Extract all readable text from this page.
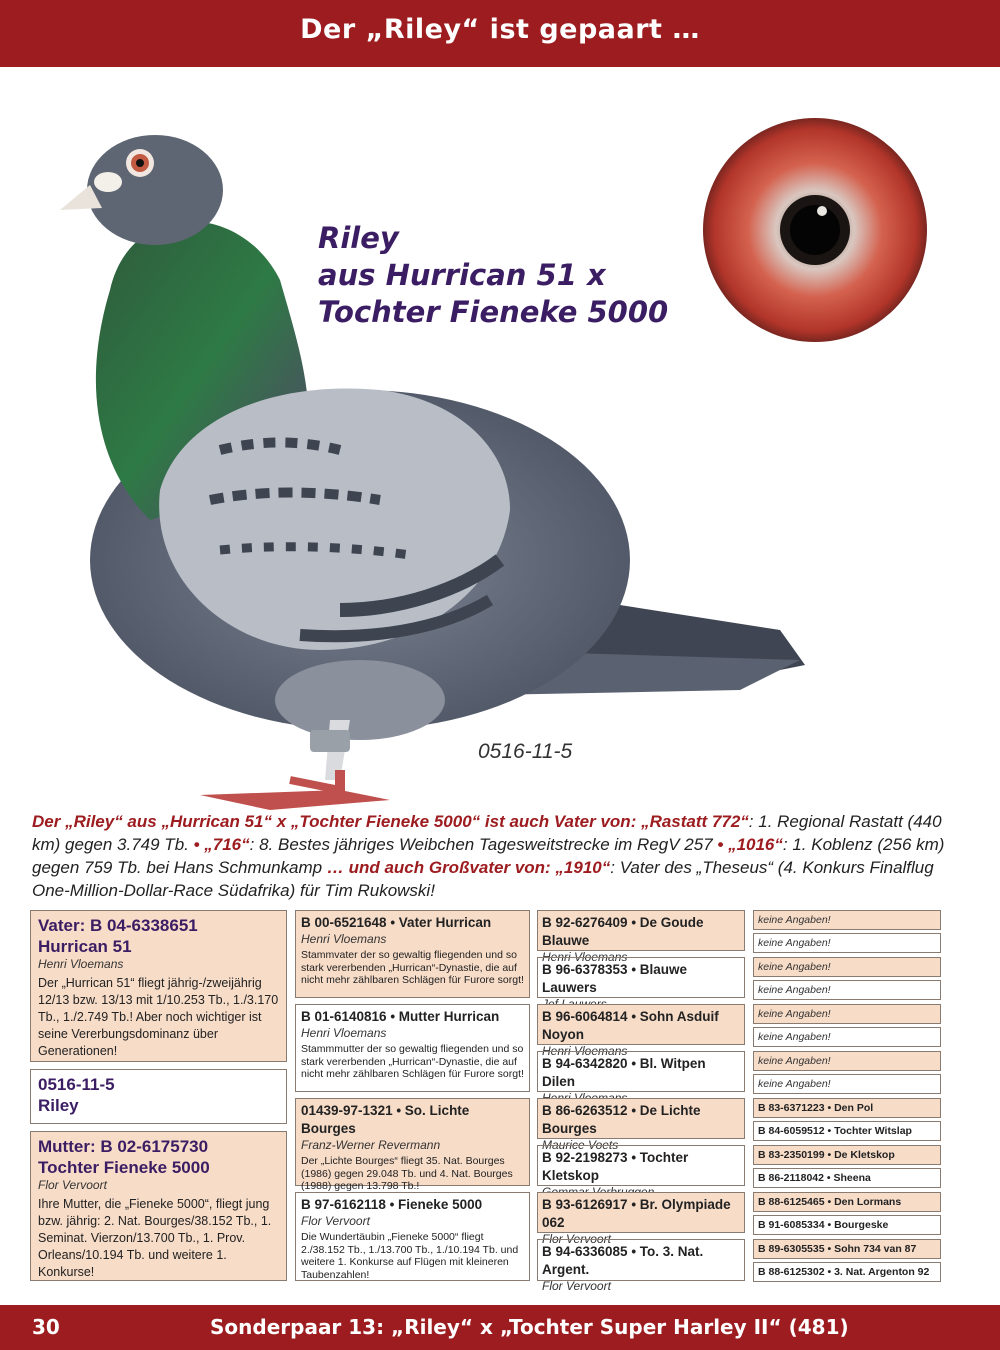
Der „Riley“ ist gepaart …
Riley
aus Hurrican 51 x
Tochter Fieneke 5000
0516-11-5
Der „Riley“ aus „Hurrican 51“ x „Tochter Fieneke 5000“ ist auch Vater von: „Rastatt 772“: 1. Regional Rastatt (440 km) gegen 3.749 Tb. • „716“: 8. Bestes jähriges Weibchen Tagesweitstrecke im RegV 257 • „1016“: 1. Koblenz (256 km) gegen 759 Tb. bei Hans Schmunkamp … und auch Großvater von: „1910“: Vater des „Theseus“ (4. Konkurs Finalflug One-Million-Dollar-Race Südafrika) für Tim Rukowski!
Vater: B 04-6338651
Hurrican 51
Henri Vloemans
Der „Hurrican 51“ fliegt jährig-/zweijährig 12/13 bzw. 13/13 mit 1/10.253 Tb., 1./3.170 Tb., 1./2.749 Tb.! Aber noch wichtiger ist seine Vererbungsdominanz über Generationen!
0516-11-5
Riley
Mutter: B 02-6175730
Tochter Fieneke 5000
Flor Vervoort
Ihre Mutter, die „Fieneke 5000“, fliegt jung bzw. jährig: 2. Nat. Bourges/38.152 Tb., 1. Seminat. Vierzon/13.700 Tb., 1. Prov. Orleans/10.194 Tb. und weitere 1. Konkurse!
B 00-6521648 • Vater Hurrican
Henri Vloemans
Stammvater der so gewaltig fliegenden und so stark vererbenden „Hurrican“-Dynastie, die auf nicht mehr zählbaren Schlägen für Furore sorgt!
B 01-6140816 • Mutter Hurrican
Henri Vloemans
Stammmutter der so gewaltig fliegenden und so stark vererbenden „Hurrican“-Dynastie, die auf nicht mehr zählbaren Schlägen für Furore sorgt!
01439-97-1321 • So. Lichte Bourges
Franz-Werner Revermann
Der „Lichte Bourges“ fliegt 35. Nat. Bourges (1986) gegen 29.048 Tb. und 4. Nat. Bourges (1988) gegen 13.798 Tb.!
B 97-6162118 • Fieneke 5000
Flor Vervoort
Die Wundertäubin „Fieneke 5000“ fliegt 2./38.152 Tb., 1./13.700 Tb., 1./10.194 Tb. und weitere 1. Konkurse auf Flügen mit kleineren Taubenzahlen!
B 92-6276409 • De Goude Blauwe
Henri Vloemans
B 96-6378353 • Blauwe Lauwers
B 96-6064814 • Sohn Asduif Noyon
Henri Vloemans
B 94-6342820 • Bl. Witpen Dilen
B 86-6263512 • De Lichte Bourges
Maurice Voets
B 92-2198273 • Tochter Kletskop
B 93-6126917 • Br. Olympiade 062
Flor Vervoort
B 94-6336085 • To. 3. Nat. Argent.
Flor Vervoort
keine Angaben!
keine Angaben!
keine Angaben!
keine Angaben!
keine Angaben!
keine Angaben!
keine Angaben!
keine Angaben!
B 83-6371223 • Den Pol
B 84-6059512 • Tochter Witslap
B 83-2350199 • De Kletskop
B 86-2118042 • Sheena
B 88-6125465 • Den Lormans
B 91-6085334 • Bourgeske
B 89-6305535 • Sohn 734 van 87
B 88-6125302 • 3. Nat. Argenton 92
30	Sonderpaar 13: „Riley“ x „Tochter Super Harley II“ (481)
